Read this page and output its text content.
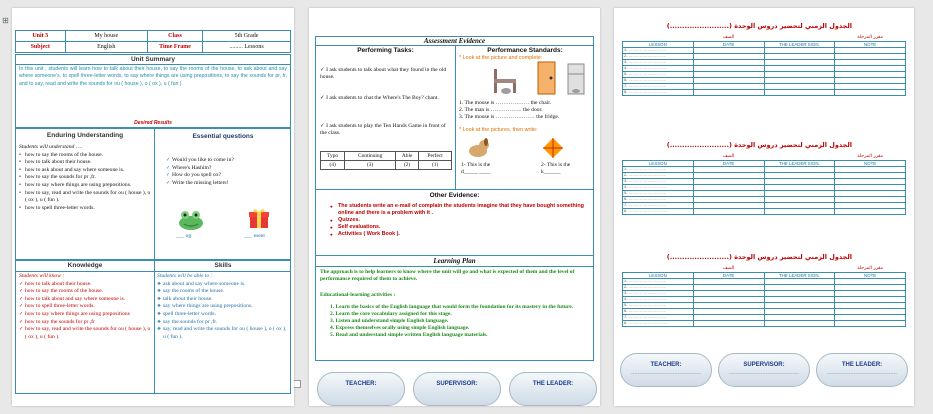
⊞
Unit 3	My house	Class	5th Grade
Subject	English	Time Frame	......... Lessons
Unit Summary
In this unit , students will learn how to talk about their house, to say the rooms of the house, to ask about and say where someone's, to spell three-letter words, to say where things are using prepositions, to say the sounds for pr, fr, and to say, read and write the sounds for ou ( house ), o ( ox ), u ( fun )
Desired Results
Enduring Understanding	Essential questions
Students will understand ….
• how to say the rooms of the house.
• how to talk about their house.
• how to ask about and say where someone is.
• how to say the sounds for pr ,fr.
• how to say where things are using prepositions.
• how to say, read and write the sounds for ou ( house ), o ( ox ), u ( fun ).
• how to spell three-letter words.
✓ Would you like to come in?
✓ Where's Hashim?
✓ How do you spell ox?
✓ Write the missing letters!
___ og	___ esent
Knowledge	Skills
Students will know :
✓ how to talk about their house.
✓ how to say the rooms of the house.
✓ how to talk about and say where someone is.
✓ how to spell three-letter words.
✓ how to say where things are using prepositions
✓ how to say the sounds for pr ,fr
✓ how to say, read and write the sounds for ou ( house ), o ( ox ), u ( fun ).
Students will be able to :
❖ ask about and say where someone is.
❖ say the rooms of the house.
❖ talk about their house.
❖ say where things are using prepositions.
❖ spell three-letter words.
❖ say the sounds for pr ,fr.
❖ say, read and write the sounds for ou ( house ), o ( ox ), u ( fun ).
Assessment Evidence
Performing Tasks:	Performance Standards:
✓ I ask students to talk about what they found in the old house.
✓ I ask students to chat the Where's The Boy? chant.
✓ I ask students to play the Ten Hands Game in front of the class.
Typo	Continuing	Able	Perfect
(4)	(3)	(2)	(1)
* Look at the picture and complete:
1. The mouse is ……………… the chair.
2. The man is …………….. the door.
3. The mouse is ………………… the fridge.
* Look at the pictures, then write:
1- This is the
d_____ ____
2- This is the
k______
Other Evidence:
● The students write an e-mail of complain the students imagine that they have bought something online and there is a problem with it .
● Quizzes.
● Self evaluations.
● Activities ( Work Book ).
Learning Plan
The approach is to help learners to know where the unit will go and what is expected of them and the level of performance required of them to achieve.
Educational-learning activities :
1. Learn the basics of the English language that would form the foundation for its mastery in the future.
2. Learn the core vocabulary assigned for this stage.
3. Listen and understand simple English language.
4. Express themselves orally using simple English language.
5. Read and understand simple written English language materials.
TEACHER:	SUPERVISOR:	THE LEADER:
الجدول الزمني لتحضير دروس الوحدة (........................)
	الصف		مقرر المرحلة
LESSON	DATE	THE LEADER SIGN.	NOTE
1- …………………………			
2- …………………………			
3- …………………………			
4- …………………………			
5- …………………………			
6- …………………………			
7- …………………………			
8- …………………………			
الجدول الزمني لتحضير دروس الوحدة (........................)
	الصف		مقرر المرحلة
LESSON	DATE	THE LEADER SIGN.	NOTE
1- …………………………			
2- …………………………			
3- …………………………			
4- …………………………			
5- …………………………			
6- …………………………			
7- …………………………			
8- …………………………			
الجدول الزمني لتحضير دروس الوحدة (........................)
	الصف		مقرر المرحلة
LESSON	DATE	THE LEADER SIGN.	NOTE
1- …………………………			
2- …………………………			
3- …………………………			
4- …………………………			
5- …………………………			
6- …………………………			
7- …………………………			
8- …………………………			
TEACHER:
……………………………………
SUPERVISOR:
……………………………………
THE LEADER:
……………………………………
